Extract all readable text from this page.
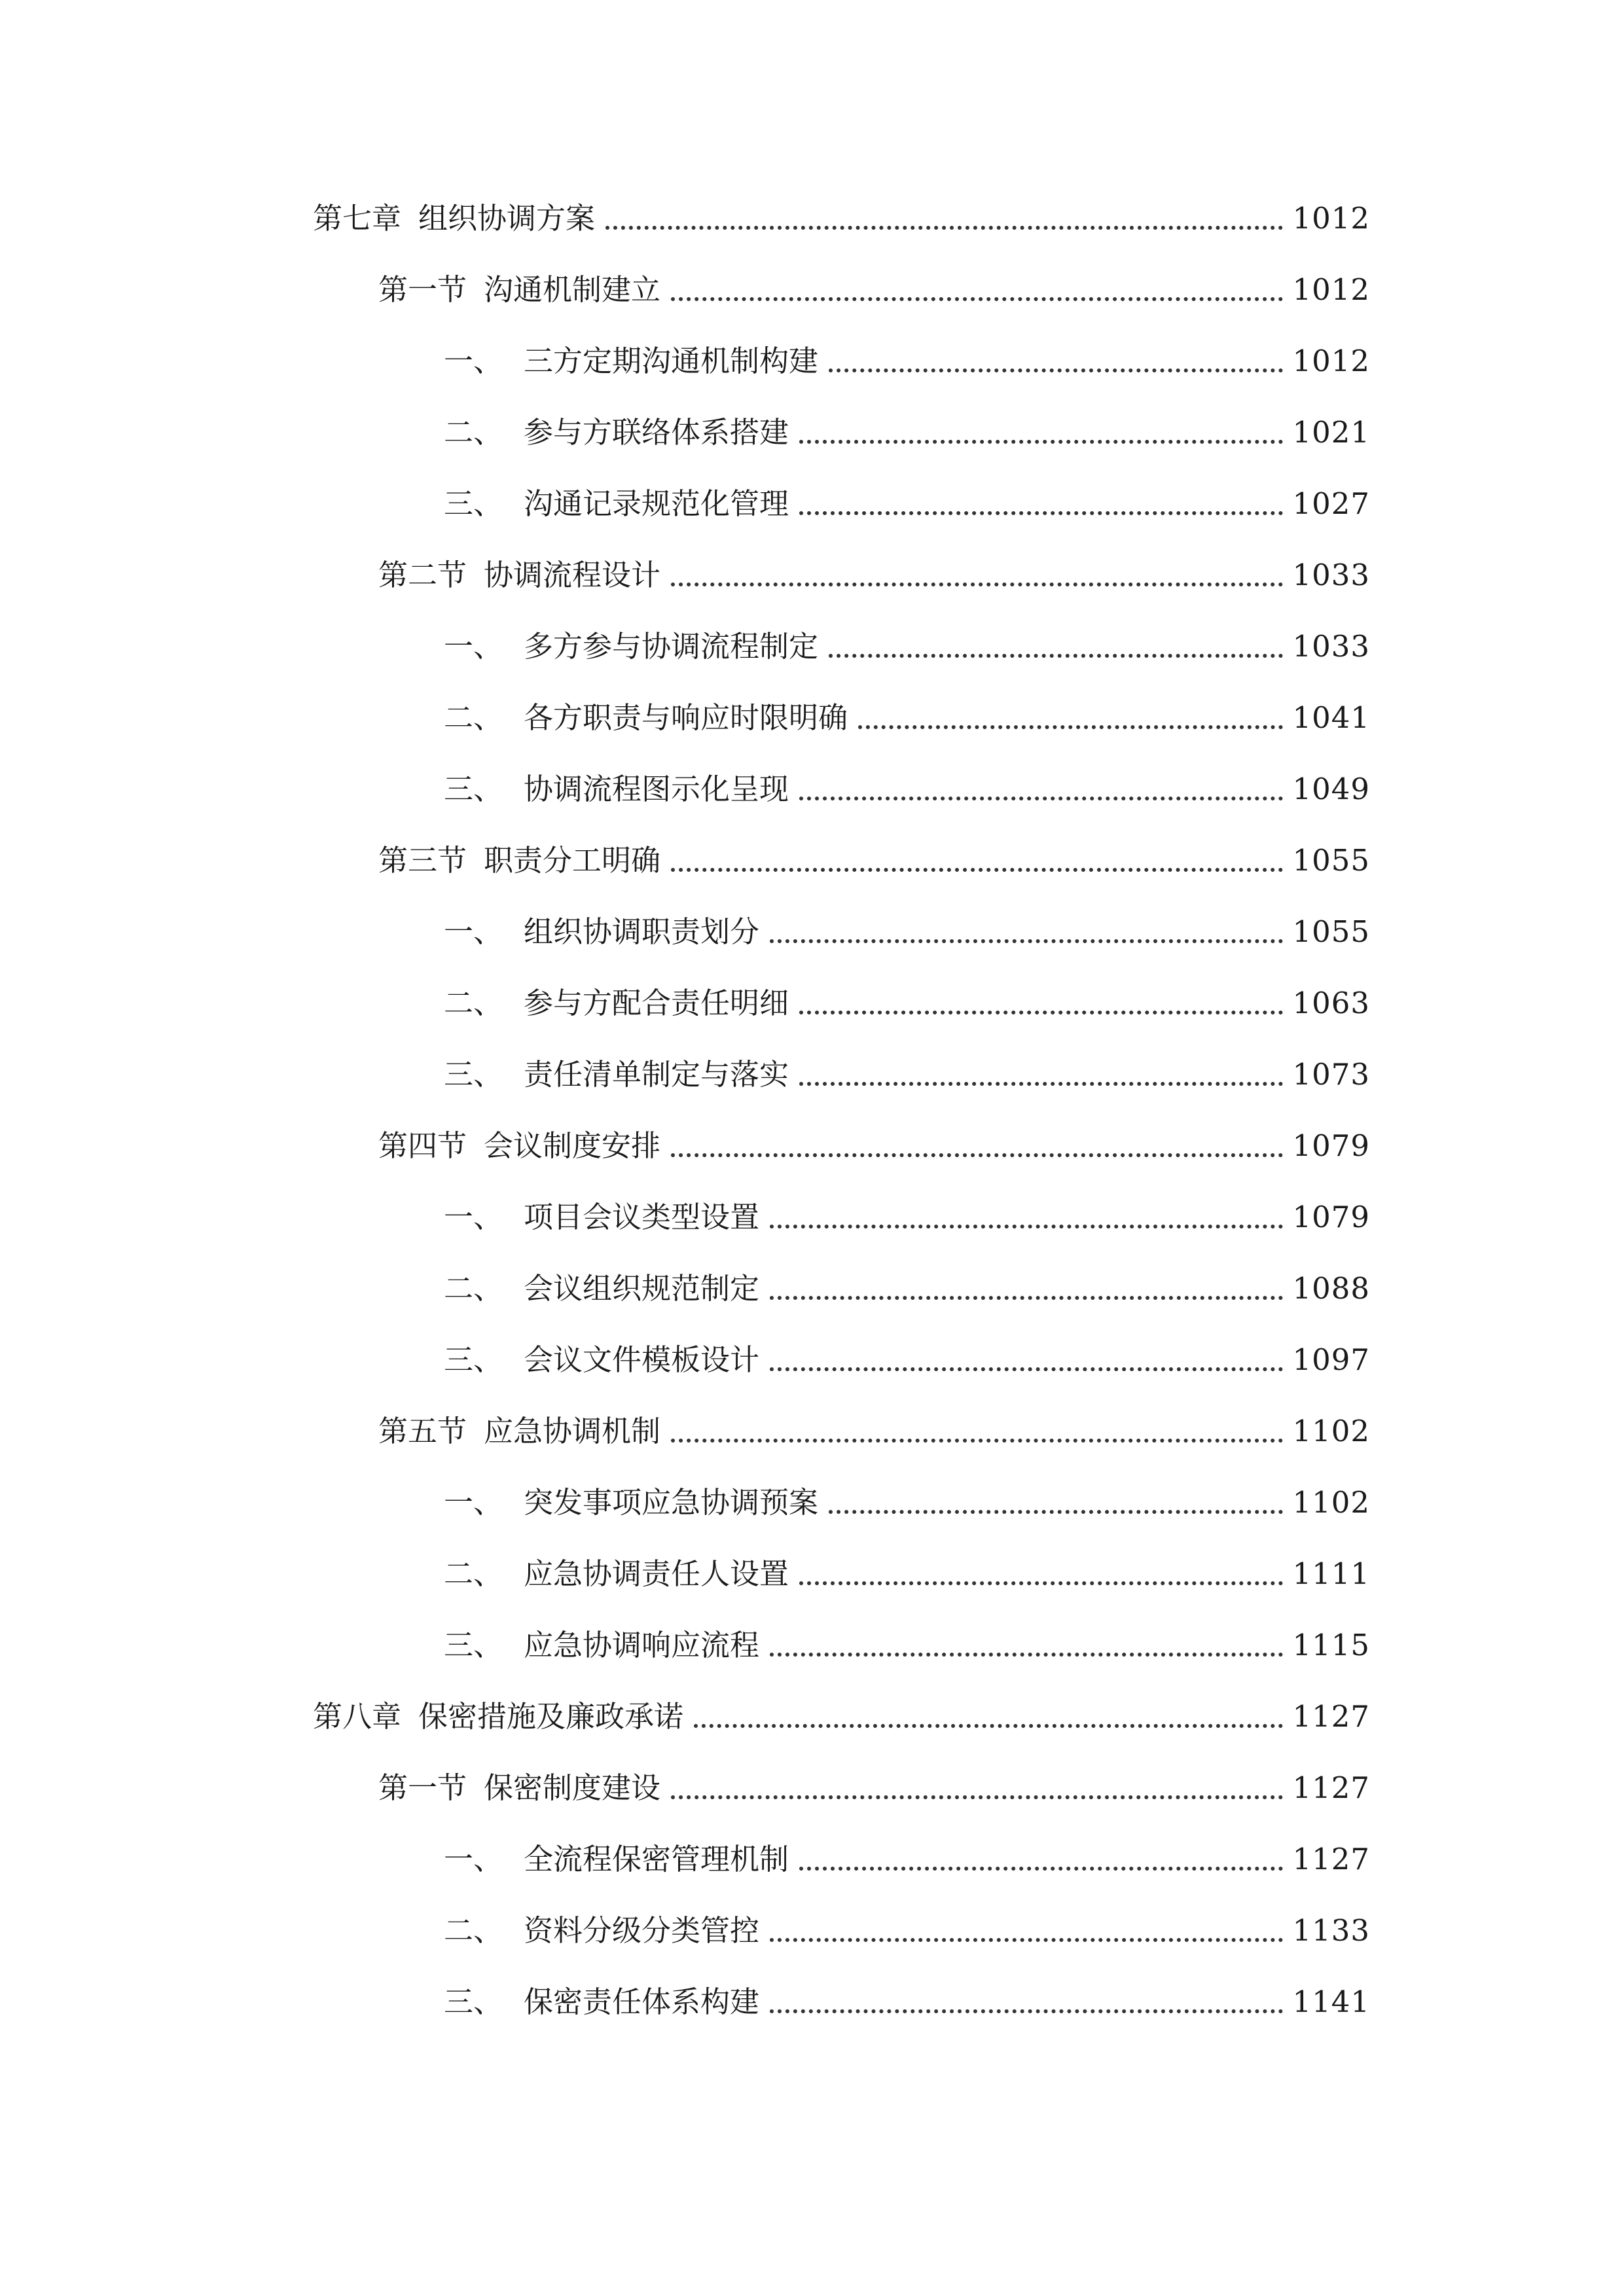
第七章 组织协调方案	1012
第一节 沟通机制建立	1012
一、 三方定期沟通机制构建	1012
二、 参与方联络体系搭建	1021
三、 沟通记录规范化管理	1027
第二节 协调流程设计	1033
一、 多方参与协调流程制定	1033
二、 各方职责与响应时限明确	1041
三、 协调流程图示化呈现	1049
第三节 职责分工明确	1055
一、 组织协调职责划分	1055
二、 参与方配合责任明细	1063
三、 责任清单制定与落实	1073
第四节 会议制度安排	1079
一、 项目会议类型设置	1079
二、 会议组织规范制定	1088
三、 会议文件模板设计	1097
第五节 应急协调机制	1102
一、 突发事项应急协调预案	1102
二、 应急协调责任人设置	1111
三、 应急协调响应流程	1115
第八章 保密措施及廉政承诺	1127
第一节 保密制度建设	1127
一、 全流程保密管理机制	1127
二、 资料分级分类管控	1133
三、 保密责任体系构建	1141
